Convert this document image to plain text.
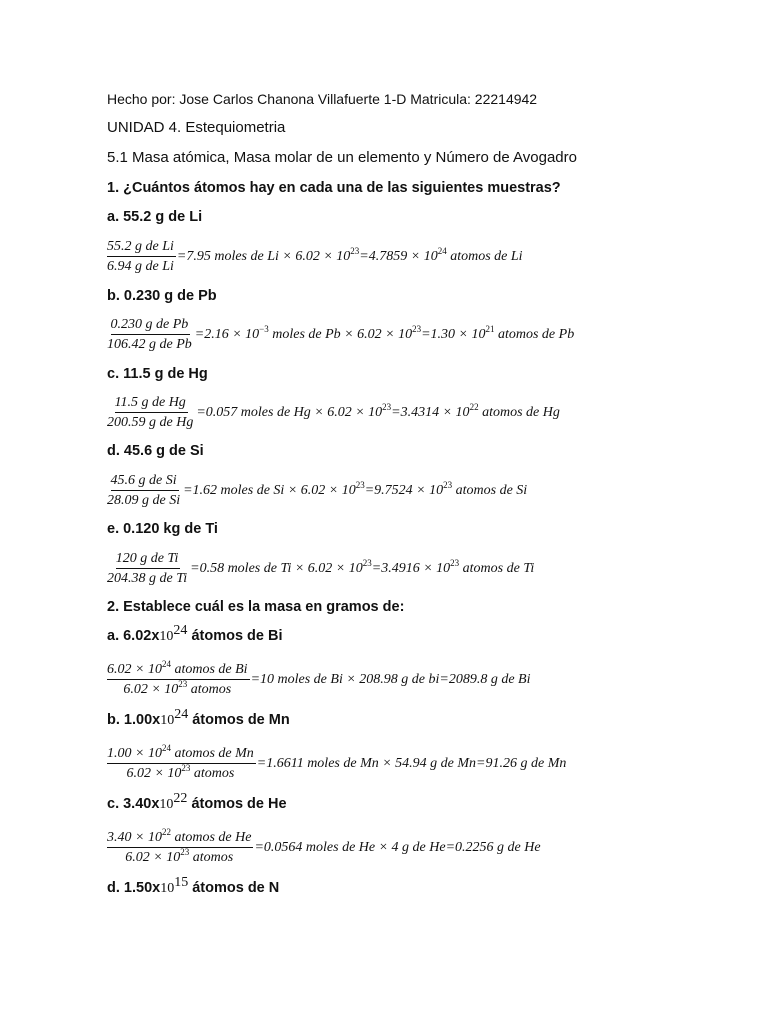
Hecho por: Jose Carlos Chanona Villafuerte 1-D Matricula: 22214942
UNIDAD 4. Estequiometria
5.1 Masa atómica, Masa molar de un elemento y Número de Avogadro
1. ¿Cuántos átomos hay en cada una de las siguientes muestras?
a. 55.2 g de Li
$\frac{\text{55.2 g de Li}}{\text{6.94 g de Li}} =7.95$ moles de $Li \times 6.02 \times 10^{23}=4.7859 \times 10^{24}$ atomos de Li
b. 0.230 g de Pb
$\frac{\text{0.230 g de Pb}}{\text{106.42 g de Pb}} =2.16 \times 10^{-3}$ moles de $Pb \times 6.02 \times 10^{23}=1.30 \times 10^{21}$ atomos de Pb
c. 11.5 g de Hg
$\frac{\text{11.5 g de Hg}}{\text{200.59 g de Hg}} =0.057$ moles de $Hg \times 6.02 \times 10^{23}=3.4314 \times 10^{22}$ atomos de Hg
d. 45.6 g de Si
$\frac{\text{45.6 g de Si}}{\text{28.09 g de Si}} =1.62$ moles de $Si \times 6.02 \times 10^{23}=9.7524 \times 10^{23}$ atomos de Si
e. 0.120 kg de Ti
$\frac{\text{120 g de Ti}}{\text{204.38 g de Ti}} =0.58$ moles de $Ti \times 6.02 \times 10^{23}=3.4916 \times 10^{23}$ atomos de Ti
2. Establece cuál es la masa en gramos de:
a. $6.02x10^{24}$ átomos de Bi
$\frac{6.02 \times 10^{24} atomos de Bi}{6.02 \times 10^{23} atomos} =10$ moles de Bi × 208.98 g de bi=2089.8 g de Bi
b. $1.00x10^{24}$ átomos de Mn
$\frac{1.00 \times 10^{24} atomos de Mn}{6.02 \times 10^{23} atomos} =1.6611$ moles de Mn × 54.94 g de Mn=91.26 g de Mn
c. $3.40x10^{22}$ átomos de He
$\frac{3.40 \times 10^{22} atomos de He}{6.02 \times 10^{23} atomos} =0.0564$ moles de He × 4 g de He=0.2256 g de He
d. $1.50x10^{15}$ átomos de N
